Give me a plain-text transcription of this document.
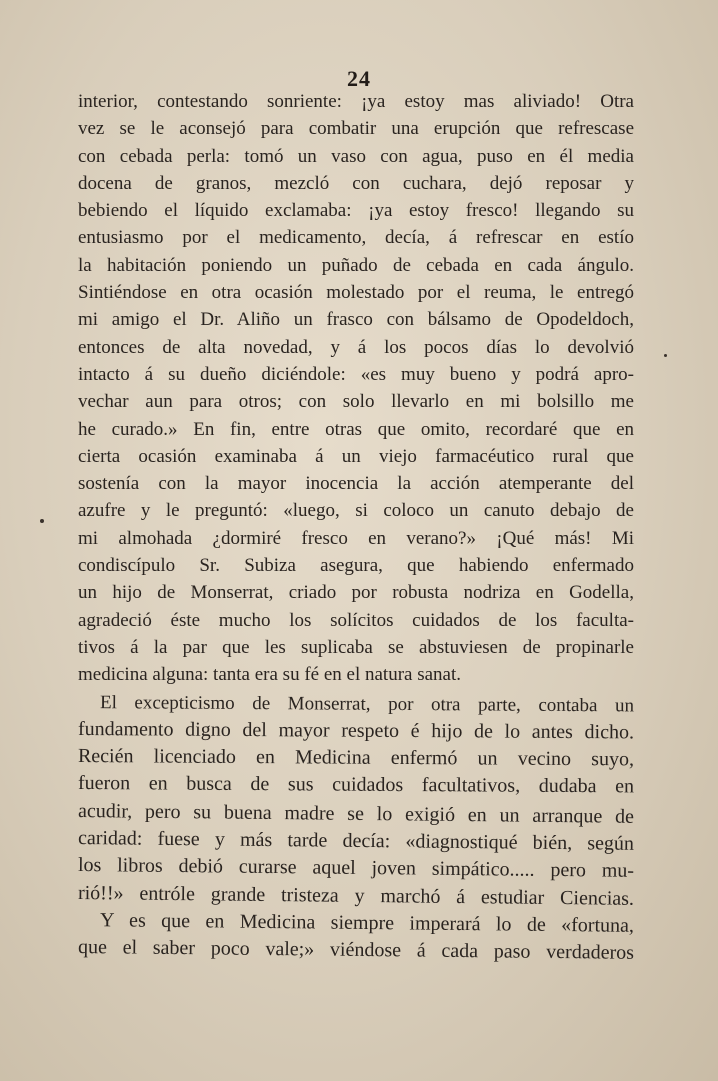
24
interior, contestando sonriente: ¡ya estoy mas aliviado! Otra
vez se le aconsejó para combatir una erupción que refrescase
con cebada perla: tomó un vaso con agua, puso en él media
docena de granos, mezcló con cuchara, dejó reposar y
bebiendo el líquido exclamaba: ¡ya estoy fresco! llegando su
entusiasmo por el medicamento, decía, á refrescar en estío
la habitación poniendo un puñado de cebada en cada ángulo.
Sintiéndose en otra ocasión molestado por el reuma, le entregó
mi amigo el Dr. Aliño un frasco con bálsamo de Opodeldoch,
entonces de alta novedad, y á los pocos días lo devolvió
intacto á su dueño diciéndole: «es muy bueno y podrá apro-
vechar aun para otros; con solo llevarlo en mi bolsillo me
he curado.» En fin, entre otras que omito, recordaré que en
cierta ocasión examinaba á un viejo farmacéutico rural que
sostenía con la mayor inocencia la acción atemperante del
azufre y le preguntó: «luego, si coloco un canuto debajo de
mi almohada ¿dormiré fresco en verano?» ¡Qué más! Mi
condiscípulo Sr. Subiza asegura, que habiendo enfermado
un hijo de Monserrat, criado por robusta nodriza en Godella,
agradeció éste mucho los solícitos cuidados de los faculta-
tivos á la par que les suplicaba se abstuviesen de propinarle
medicina alguna: tanta era su fé en el natura sanat.
El excepticismo de Monserrat, por otra parte, contaba un
fundamento digno del mayor respeto é hijo de lo antes dicho.
Recién licenciado en Medicina enfermó un vecino suyo,
fueron en busca de sus cuidados facultativos, dudaba en
acudir, pero su buena madre se lo exigió en un arranque de
caridad: fuese y más tarde decía: «diagnostiqué bién, según
los libros debió curarse aquel joven simpático..... pero mu-
rió!!» entróle grande tristeza y marchó á estudiar Ciencias.
Y es que en Medicina siempre imperará lo de «fortuna,
que el saber poco vale;» viéndose á cada paso verdaderos
